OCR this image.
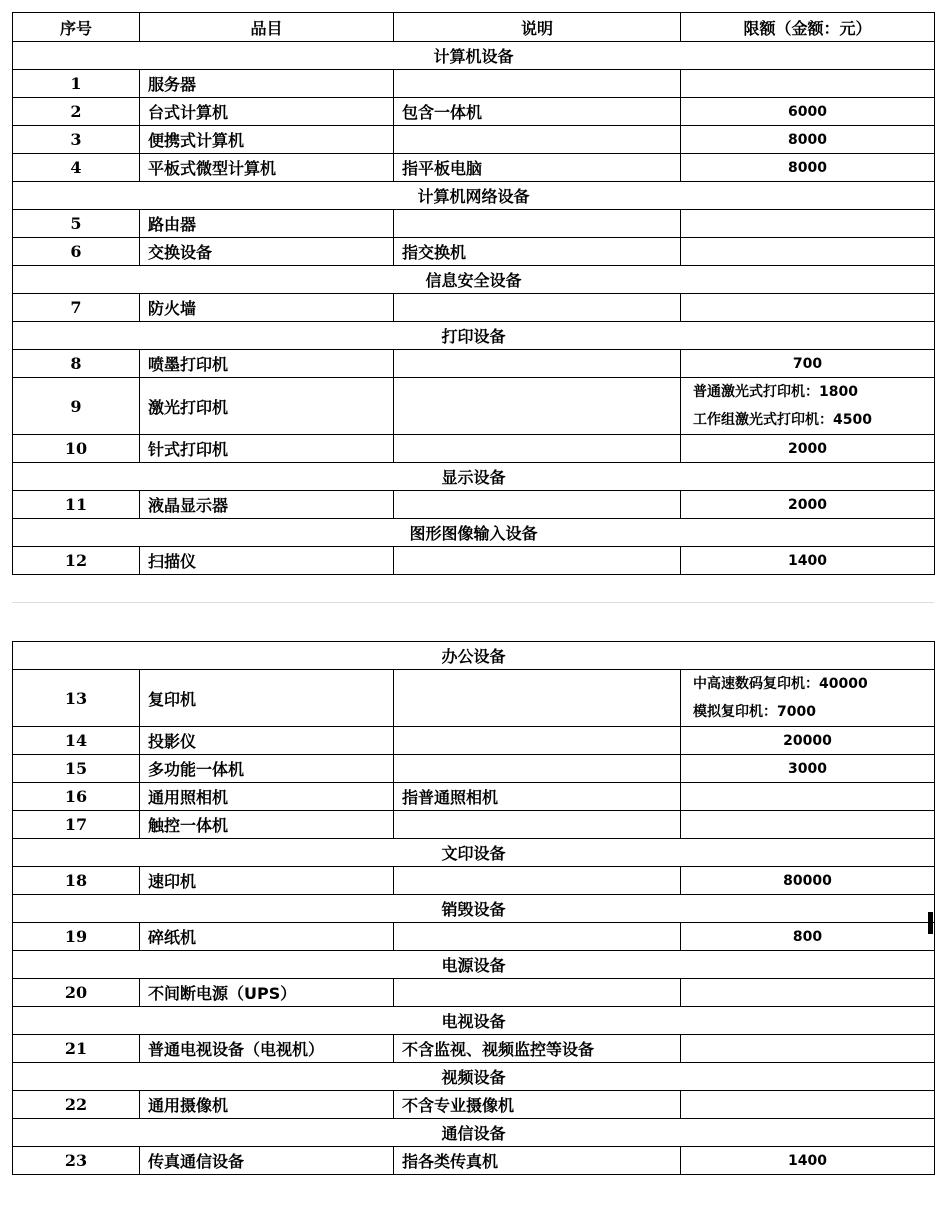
序号	品目	说明	限额（金额：元）
计算机设备			
1	服务器		
2	台式计算机	包含一体机	6000
3	便携式计算机		8000
4	平板式微型计算机	指平板电脑	8000
计算机网络设备			
5	路由器		
6	交换设备	指交换机	
信息安全设备			
7	防火墙		
打印设备			
8	喷墨打印机		700
9	激光打印机		普通激光式打印机：1800
工作组激光式打印机：4500

10	针式打印机		2000
显示设备			
11	液晶显示器		2000
图形图像输入设备			
12	扫描仪		1400
办公设备			
13	复印机		中高速数码复印机：40000
模拟复印机：7000

14	投影仪		20000
15	多功能一体机		3000
16	通用照相机	指普通照相机	
17	触控一体机		
文印设备			
18	速印机		80000
销毁设备			
19	碎纸机		800
电源设备			
20	不间断电源（UPS）		
电视设备			
21	普通电视设备（电视机）	不含监视、视频监控等设备	
视频设备			
22	通用摄像机	不含专业摄像机	
通信设备			
23	传真通信设备	指各类传真机	1400
